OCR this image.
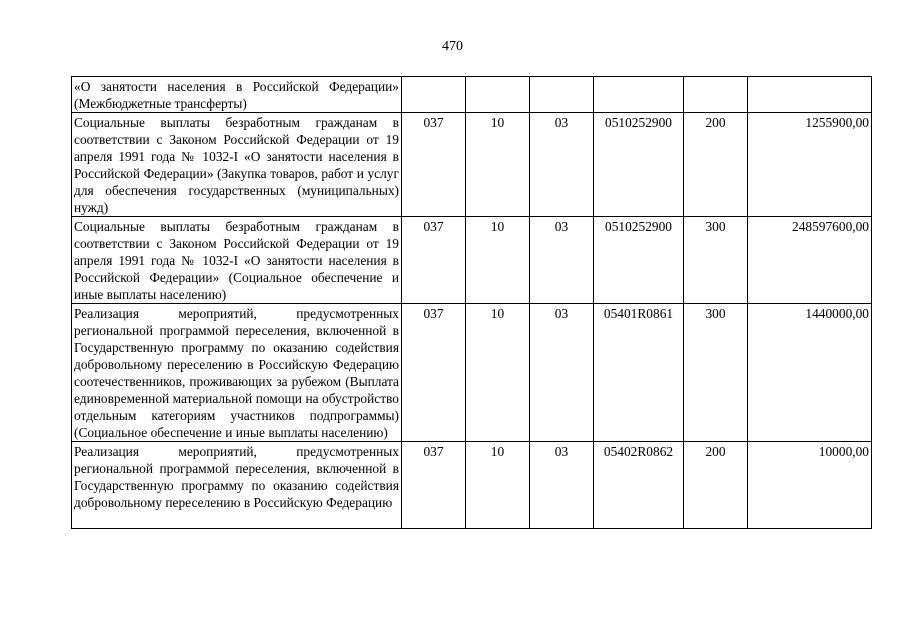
470
«О занятости населения в Российской Федерации» (Межбюджетные трансферты)						
Социальные выплаты безработным гражданам в соответствии с Законом Российской Федерации от 19 апреля 1991 года № 1032-I «О занятости населения в Российской Федерации» (Закупка товаров, работ и услуг для обеспечения государственных (муниципальных) нужд)	037	10	03	0510252900	200	1255900,00
Социальные выплаты безработным гражданам в соответствии с Законом Российской Федерации от 19 апреля 1991 года № 1032-I «О занятости населения в Российской Федерации» (Социальное обеспечение и иные выплаты населению)	037	10	03	0510252900	300	248597600,00
Реализация мероприятий, предусмотренных региональной программой переселения, включенной в Государственную программу по оказанию содействия добровольному переселению в Российскую Федерацию соотечественников, проживающих за рубежом (Выплата единовременной материальной помощи на обустройство отдельным категориям участников подпрограммы) (Социальное обеспечение и иные выплаты населению)	037	10	03	05401R0861	300	1440000,00

Реализация мероприятий, предусмотренных региональной программой переселения, включенной в Государственную программу по оказанию содействия добровольному переселению в Российскую Федерацию	037	10	03	05402R0862	200	10000,00
